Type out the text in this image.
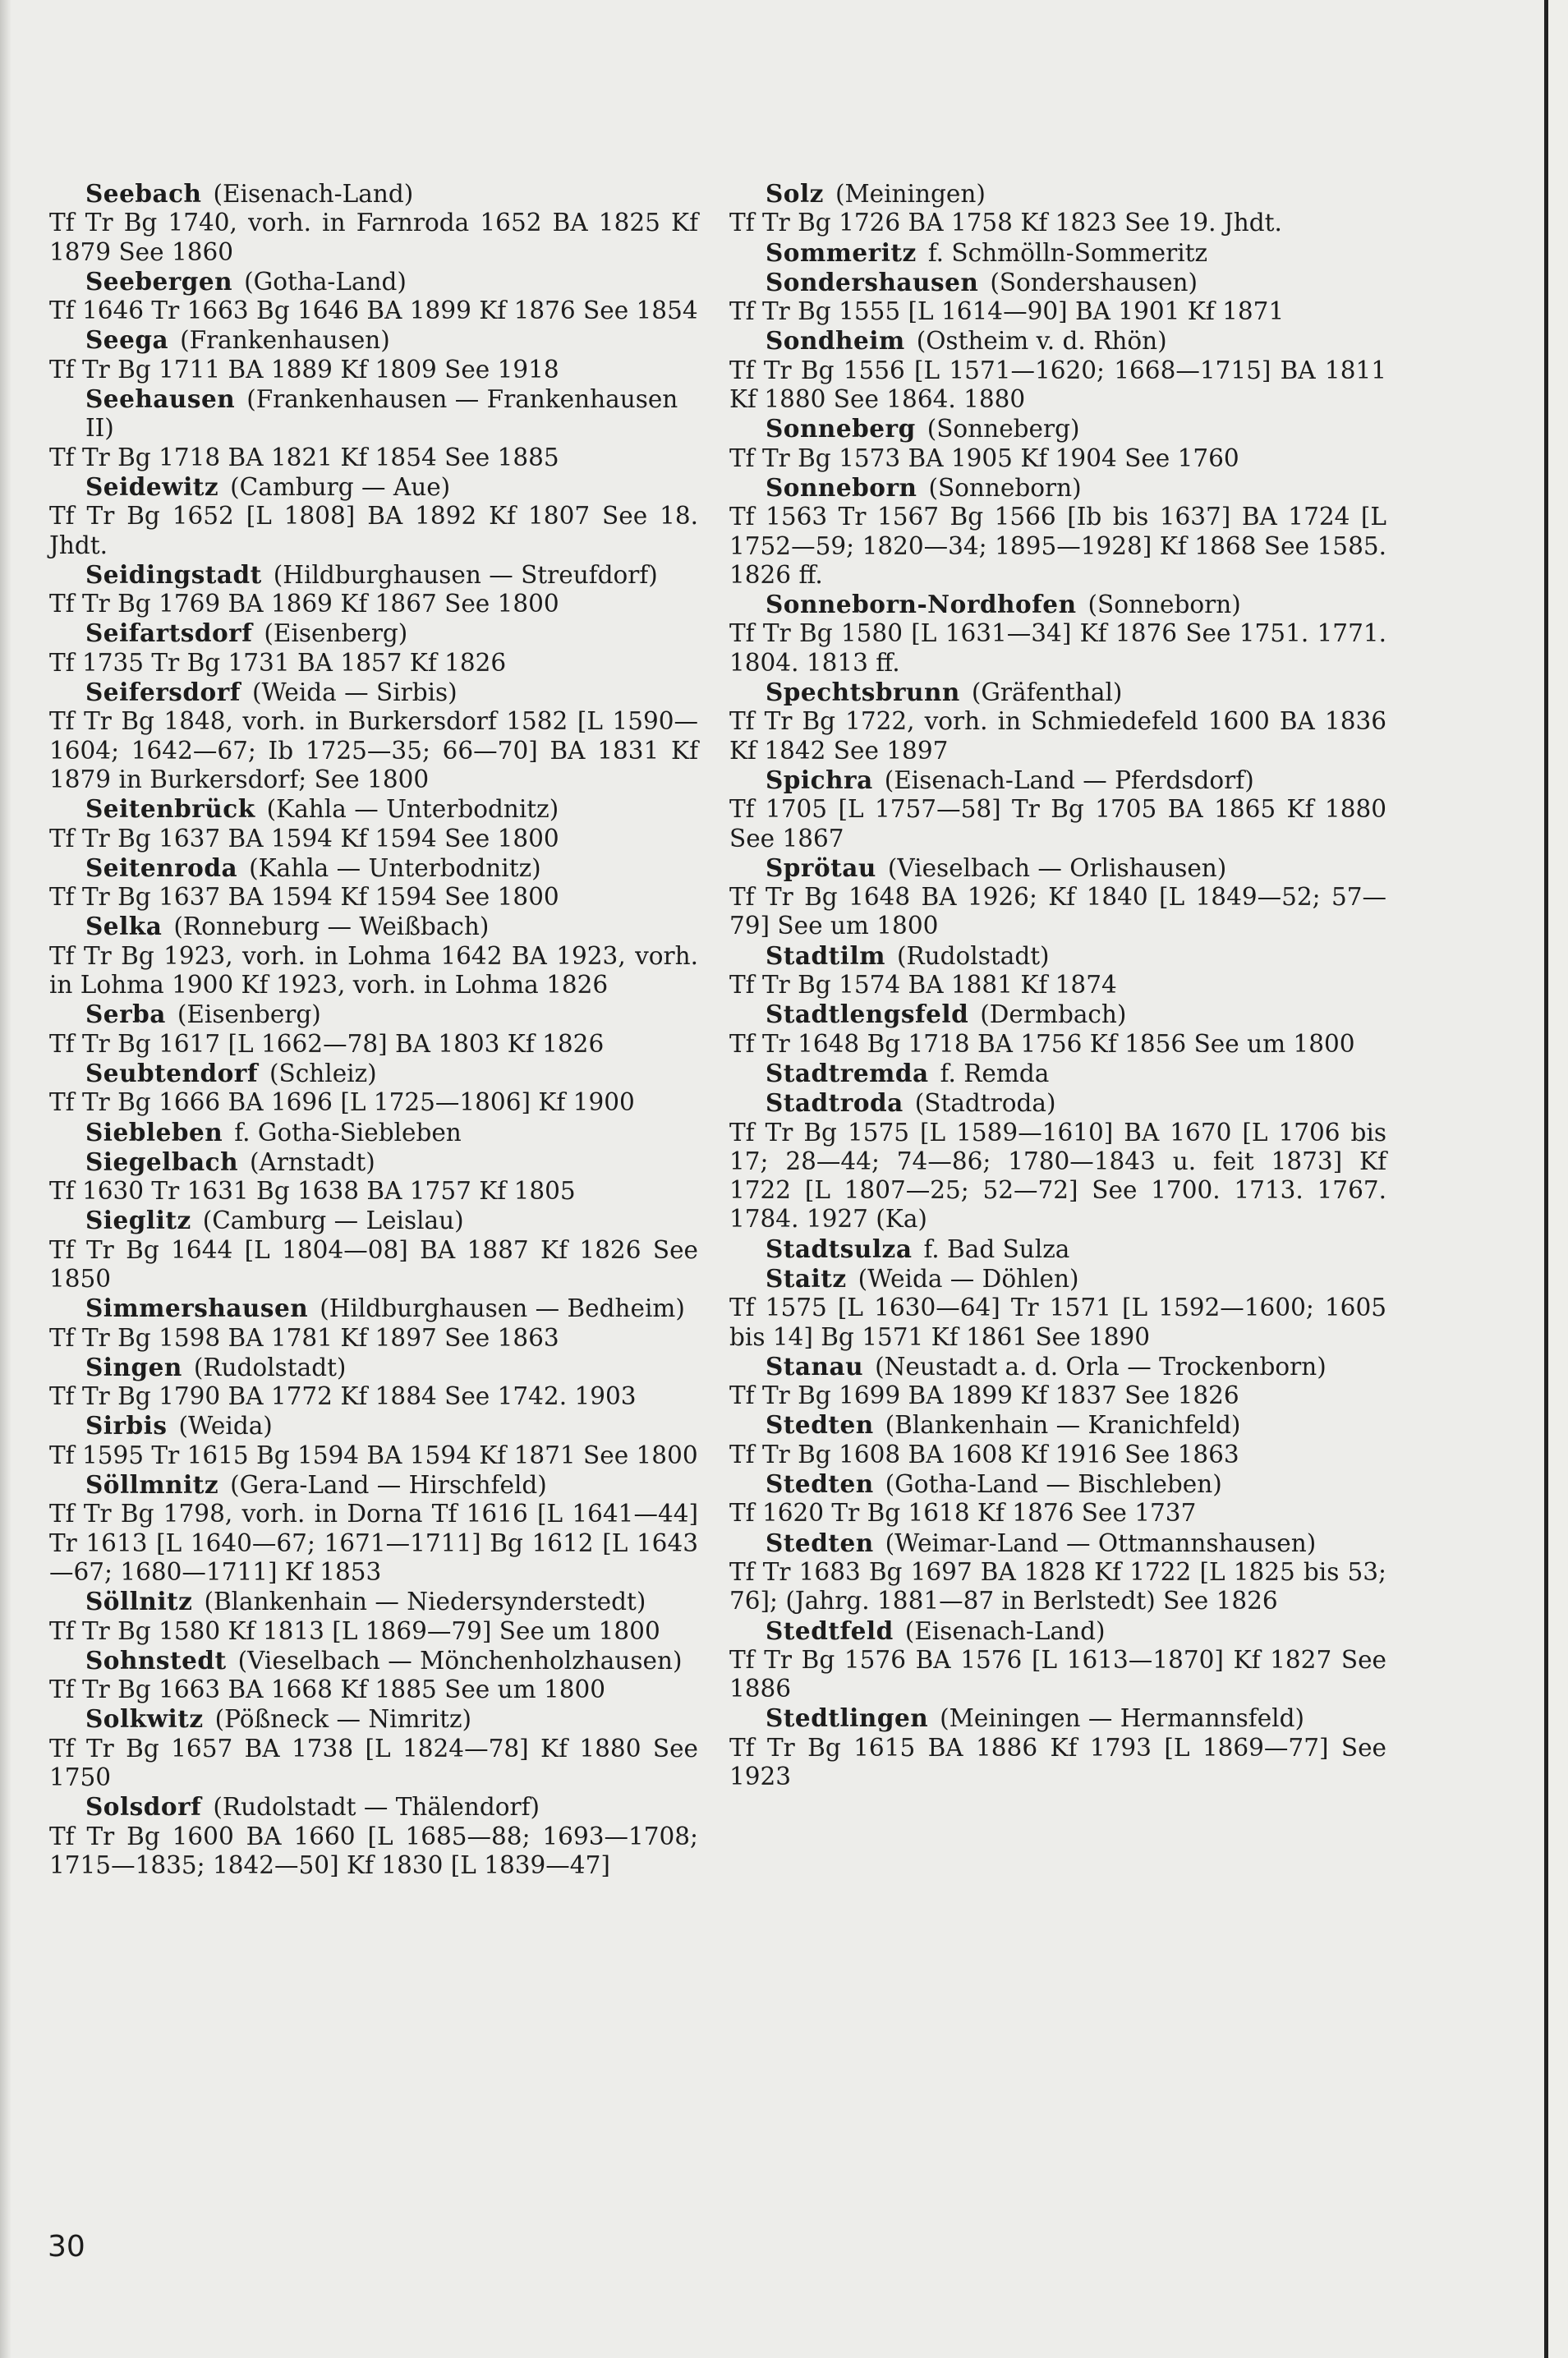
Seebach (Eisenach-Land)
Tf Tr Bg 1740, vorh. in Farnroda 1652 BA 1825 Kf 1879 See 1860
Seebergen (Gotha-Land)
Tf 1646 Tr 1663 Bg 1646 BA 1899 Kf 1876 See 1854
Seega (Frankenhausen)
Tf Tr Bg 1711 BA 1889 Kf 1809 See 1918
Seehausen (Frankenhausen — Frankenhausen II)
Tf Tr Bg 1718 BA 1821 Kf 1854 See 1885
Seidewitz (Camburg — Aue)
Tf Tr Bg 1652 [L 1808] BA 1892 Kf 1807 See 18. Jhdt.
Seidingstadt (Hildburghausen — Streufdorf)
Tf Tr Bg 1769 BA 1869 Kf 1867 See 1800
Seifartsdorf (Eisenberg)
Tf 1735 Tr Bg 1731 BA 1857 Kf 1826
Seifersdorf (Weida — Sirbis)
Tf Tr Bg 1848, vorh. in Burkersdorf 1582 [L 1590—1604; 1642—67; Ib 1725—35; 66—70] BA 1831 Kf 1879 in Burkersdorf; See 1800
Seitenbrück (Kahla — Unterbodnitz)
Tf Tr Bg 1637 BA 1594 Kf 1594 See 1800
Seitenroda (Kahla — Unterbodnitz)
Tf Tr Bg 1637 BA 1594 Kf 1594 See 1800
Selka (Ronneburg — Weißbach)
Tf Tr Bg 1923, vorh. in Lohma 1642 BA 1923, vorh. in Lohma 1900 Kf 1923, vorh. in Lohma 1826
Serba (Eisenberg)
Tf Tr Bg 1617 [L 1662—78] BA 1803 Kf 1826
Seubtendorf (Schleiz)
Tf Tr Bg 1666 BA 1696 [L 1725—1806] Kf 1900
Siebleben f. Gotha-Siebleben
Siegelbach (Arnstadt)
Tf 1630 Tr 1631 Bg 1638 BA 1757 Kf 1805
Sieglitz (Camburg — Leislau)
Tf Tr Bg 1644 [L 1804—08] BA 1887 Kf 1826 See 1850
Simmershausen (Hildburghausen — Bedheim)
Tf Tr Bg 1598 BA 1781 Kf 1897 See 1863
Singen (Rudolstadt)
Tf Tr Bg 1790 BA 1772 Kf 1884 See 1742. 1903
Sirbis (Weida)
Tf 1595 Tr 1615 Bg 1594 BA 1594 Kf 1871 See 1800
Söllmnitz (Gera-Land — Hirschfeld)
Tf Tr Bg 1798, vorh. in Dorna Tf 1616 [L 1641—44] Tr 1613 [L 1640—67; 1671—1711] Bg 1612 [L 1643—67; 1680—1711] Kf 1853
Söllnitz (Blankenhain — Niedersynderstedt)
Tf Tr Bg 1580 Kf 1813 [L 1869—79] See um 1800
Sohnstedt (Vieselbach — Mönchenholzhausen)
Tf Tr Bg 1663 BA 1668 Kf 1885 See um 1800
Solkwitz (Pößneck — Nimritz)
Tf Tr Bg 1657 BA 1738 [L 1824—78] Kf 1880 See 1750
Solsdorf (Rudolstadt — Thälendorf)
Tf Tr Bg 1600 BA 1660 [L 1685—88; 1693—1708; 1715—1835; 1842—50] Kf 1830 [L 1839—47]
Solz (Meiningen)
Tf Tr Bg 1726 BA 1758 Kf 1823 See 19. Jhdt.
Sommeritz f. Schmölln-Sommeritz
Sondershausen (Sondershausen)
Tf Tr Bg 1555 [L 1614—90] BA 1901 Kf 1871
Sondheim (Ostheim v. d. Rhön)
Tf Tr Bg 1556 [L 1571—1620; 1668—1715] BA 1811 Kf 1880 See 1864. 1880
Sonneberg (Sonneberg)
Tf Tr Bg 1573 BA 1905 Kf 1904 See 1760
Sonneborn (Sonneborn)
Tf 1563 Tr 1567 Bg 1566 [Ib bis 1637] BA 1724 [L 1752—59; 1820—34; 1895—1928] Kf 1868 See 1585. 1826 ff.
Sonneborn-Nordhofen (Sonneborn)
Tf Tr Bg 1580 [L 1631—34] Kf 1876 See 1751. 1771. 1804. 1813 ff.
Spechtsbrunn (Gräfenthal)
Tf Tr Bg 1722, vorh. in Schmiedefeld 1600 BA 1836 Kf 1842 See 1897
Spichra (Eisenach-Land — Pferdsdorf)
Tf 1705 [L 1757—58] Tr Bg 1705 BA 1865 Kf 1880 See 1867
Sprötau (Vieselbach — Orlishausen)
Tf Tr Bg 1648 BA 1926; Kf 1840 [L 1849—52; 57—79] See um 1800
Stadtilm (Rudolstadt)
Tf Tr Bg 1574 BA 1881 Kf 1874
Stadtlengsfeld (Dermbach)
Tf Tr 1648 Bg 1718 BA 1756 Kf 1856 See um 1800
Stadtremda f. Remda
Stadtroda (Stadtroda)
Tf Tr Bg 1575 [L 1589—1610] BA 1670 [L 1706 bis 17; 28—44; 74—86; 1780—1843 u. feit 1873] Kf 1722 [L 1807—25; 52—72] See 1700. 1713. 1767. 1784. 1927 (Ka)
Stadtsulza f. Bad Sulza
Staitz (Weida — Döhlen)
Tf 1575 [L 1630—64] Tr 1571 [L 1592—1600; 1605 bis 14] Bg 1571 Kf 1861 See 1890
Stanau (Neustadt a. d. Orla — Trockenborn)
Tf Tr Bg 1699 BA 1899 Kf 1837 See 1826
Stedten (Blankenhain — Kranichfeld)
Tf Tr Bg 1608 BA 1608 Kf 1916 See 1863
Stedten (Gotha-Land — Bischleben)
Tf 1620 Tr Bg 1618 Kf 1876 See 1737
Stedten (Weimar-Land — Ottmannshausen)
Tf Tr 1683 Bg 1697 BA 1828 Kf 1722 [L 1825 bis 53; 76]; (Jahrg. 1881—87 in Berlstedt) See 1826
Stedtfeld (Eisenach-Land)
Tf Tr Bg 1576 BA 1576 [L 1613—1870] Kf 1827 See 1886
Stedtlingen (Meiningen — Hermannsfeld)
Tf Tr Bg 1615 BA 1886 Kf 1793 [L 1869—77] See 1923
30
